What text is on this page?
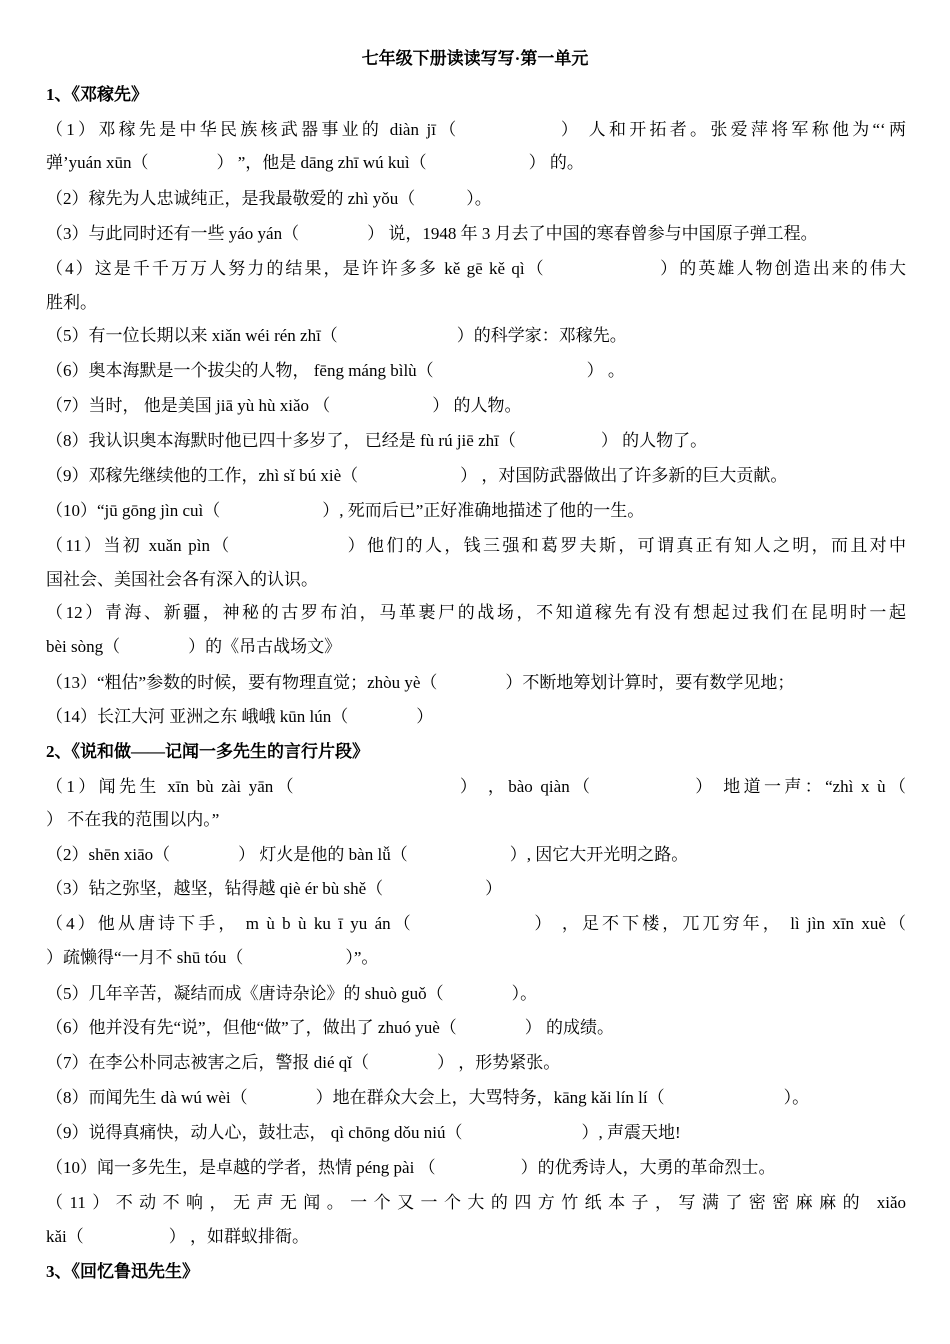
七年级下册读读写写·第一单元
1、《邓稼先》
（1）邓稼先是中华民族核武器事业的 diàn jī（　　　　　） 人和开拓者。张爱萍将军称他为“‘两
弹’yuán xūn（　　　　） ”，他是 dāng zhī wú kuì（　　　　　　） 的。
（2）稼先为人忠诚纯正，是我最敬爱的 zhì yǒu（　　　）。
（3）与此同时还有一些 yáo yán（　　　　） 说，1948 年 3 月去了中国的寒春曾参与中国原子弹工程。
（4）这是千千万万人努力的结果，是许许多多 kě gē kě qì（　　　　　　）的英雄人物创造出来的伟大
胜利。
（5）有一位长期以来 xiǎn wéi rén zhī（　　　　　　　）的科学家：邓稼先。
（6）奥本海默是一个拔尖的人物， fēng máng bìlù（　　　　　　　　　） 。
（7）当时， 他是美国 jiā yù hù xiǎo （　　　　　　） 的人物。
（8）我认识奥本海默时他已四十多岁了， 已经是 fù rú jiē zhī（　　　　　） 的人物了。
（9）邓稼先继续他的工作，zhì sǐ bú xiè（　　　　　　） ，对国防武器做出了许多新的巨大贡献。
（10）“jū gōng jìn cuì（　　　　　　）, 死而后已”正好准确地描述了他的一生。
（11）当初 xuǎn pìn（　　　　　　）他们的人，钱三强和葛罗夫斯，可谓真正有知人之明，而且对中
国社会、美国社会各有深入的认识。
（12）青海、新疆，神秘的古罗布泊，马革裹尸的战场，不知道稼先有没有想起过我们在昆明时一起
bèi sòng（　　　　）的《吊古战场文》
（13）“粗估”参数的时候，要有物理直觉；zhòu yè（　　　　）不断地筹划计算时，要有数学见地；
（14）长江大河 亚洲之东 峨峨 kūn lún（　　　　）
2、《说和做——记闻一多先生的言行片段》
（1）闻先生 xīn bù zài yān（　　　　　　　　） ，bào qiàn（　　　　　） 地道一声：“zhì x ù（
） 不在我的范围以内。”
（2）shēn xiāo（　　　　） 灯火是他的 bàn lǚ（　　　　　　）, 因它大开光明之路。
（3）钻之弥坚，越坚，钻得越 qiè ér bù shě（　　　　　　）
（4）他从唐诗下手， m ù b ù ku ī yu án（　　　　　　） ，足不下楼，兀兀穷年， lì jìn xīn xuè（
）疏懒得“一月不 shū tóu（　　　　　　）”。
（5）几年辛苦，凝结而成《唐诗杂论》的 shuò guǒ（　　　　）。
（6）他并没有先“说”，但他“做”了，做出了 zhuó yuè（　　　　） 的成绩。
（7）在李公朴同志被害之后，警报 dié qǐ（　　　　） ，形势紧张。
（8）而闻先生 dà wú wèi（　　　　）地在群众大会上，大骂特务，kāng kǎi lín lí（　　　　　　　）。
（9）说得真痛快，动人心，鼓壮志， qì chōng dǒu niú（　　　　　　　）, 声震天地!
（10）闻一多先生，是卓越的学者，热情 péng pài （　　　　　）的优秀诗人，大勇的革命烈士。
（11）不动不响，无声无闻。一个又一个大的四方竹纸本子，写满了密密麻麻的 xiǎo
kǎi（　　　　　） ，如群蚁排衙。
3、《回忆鲁迅先生》
